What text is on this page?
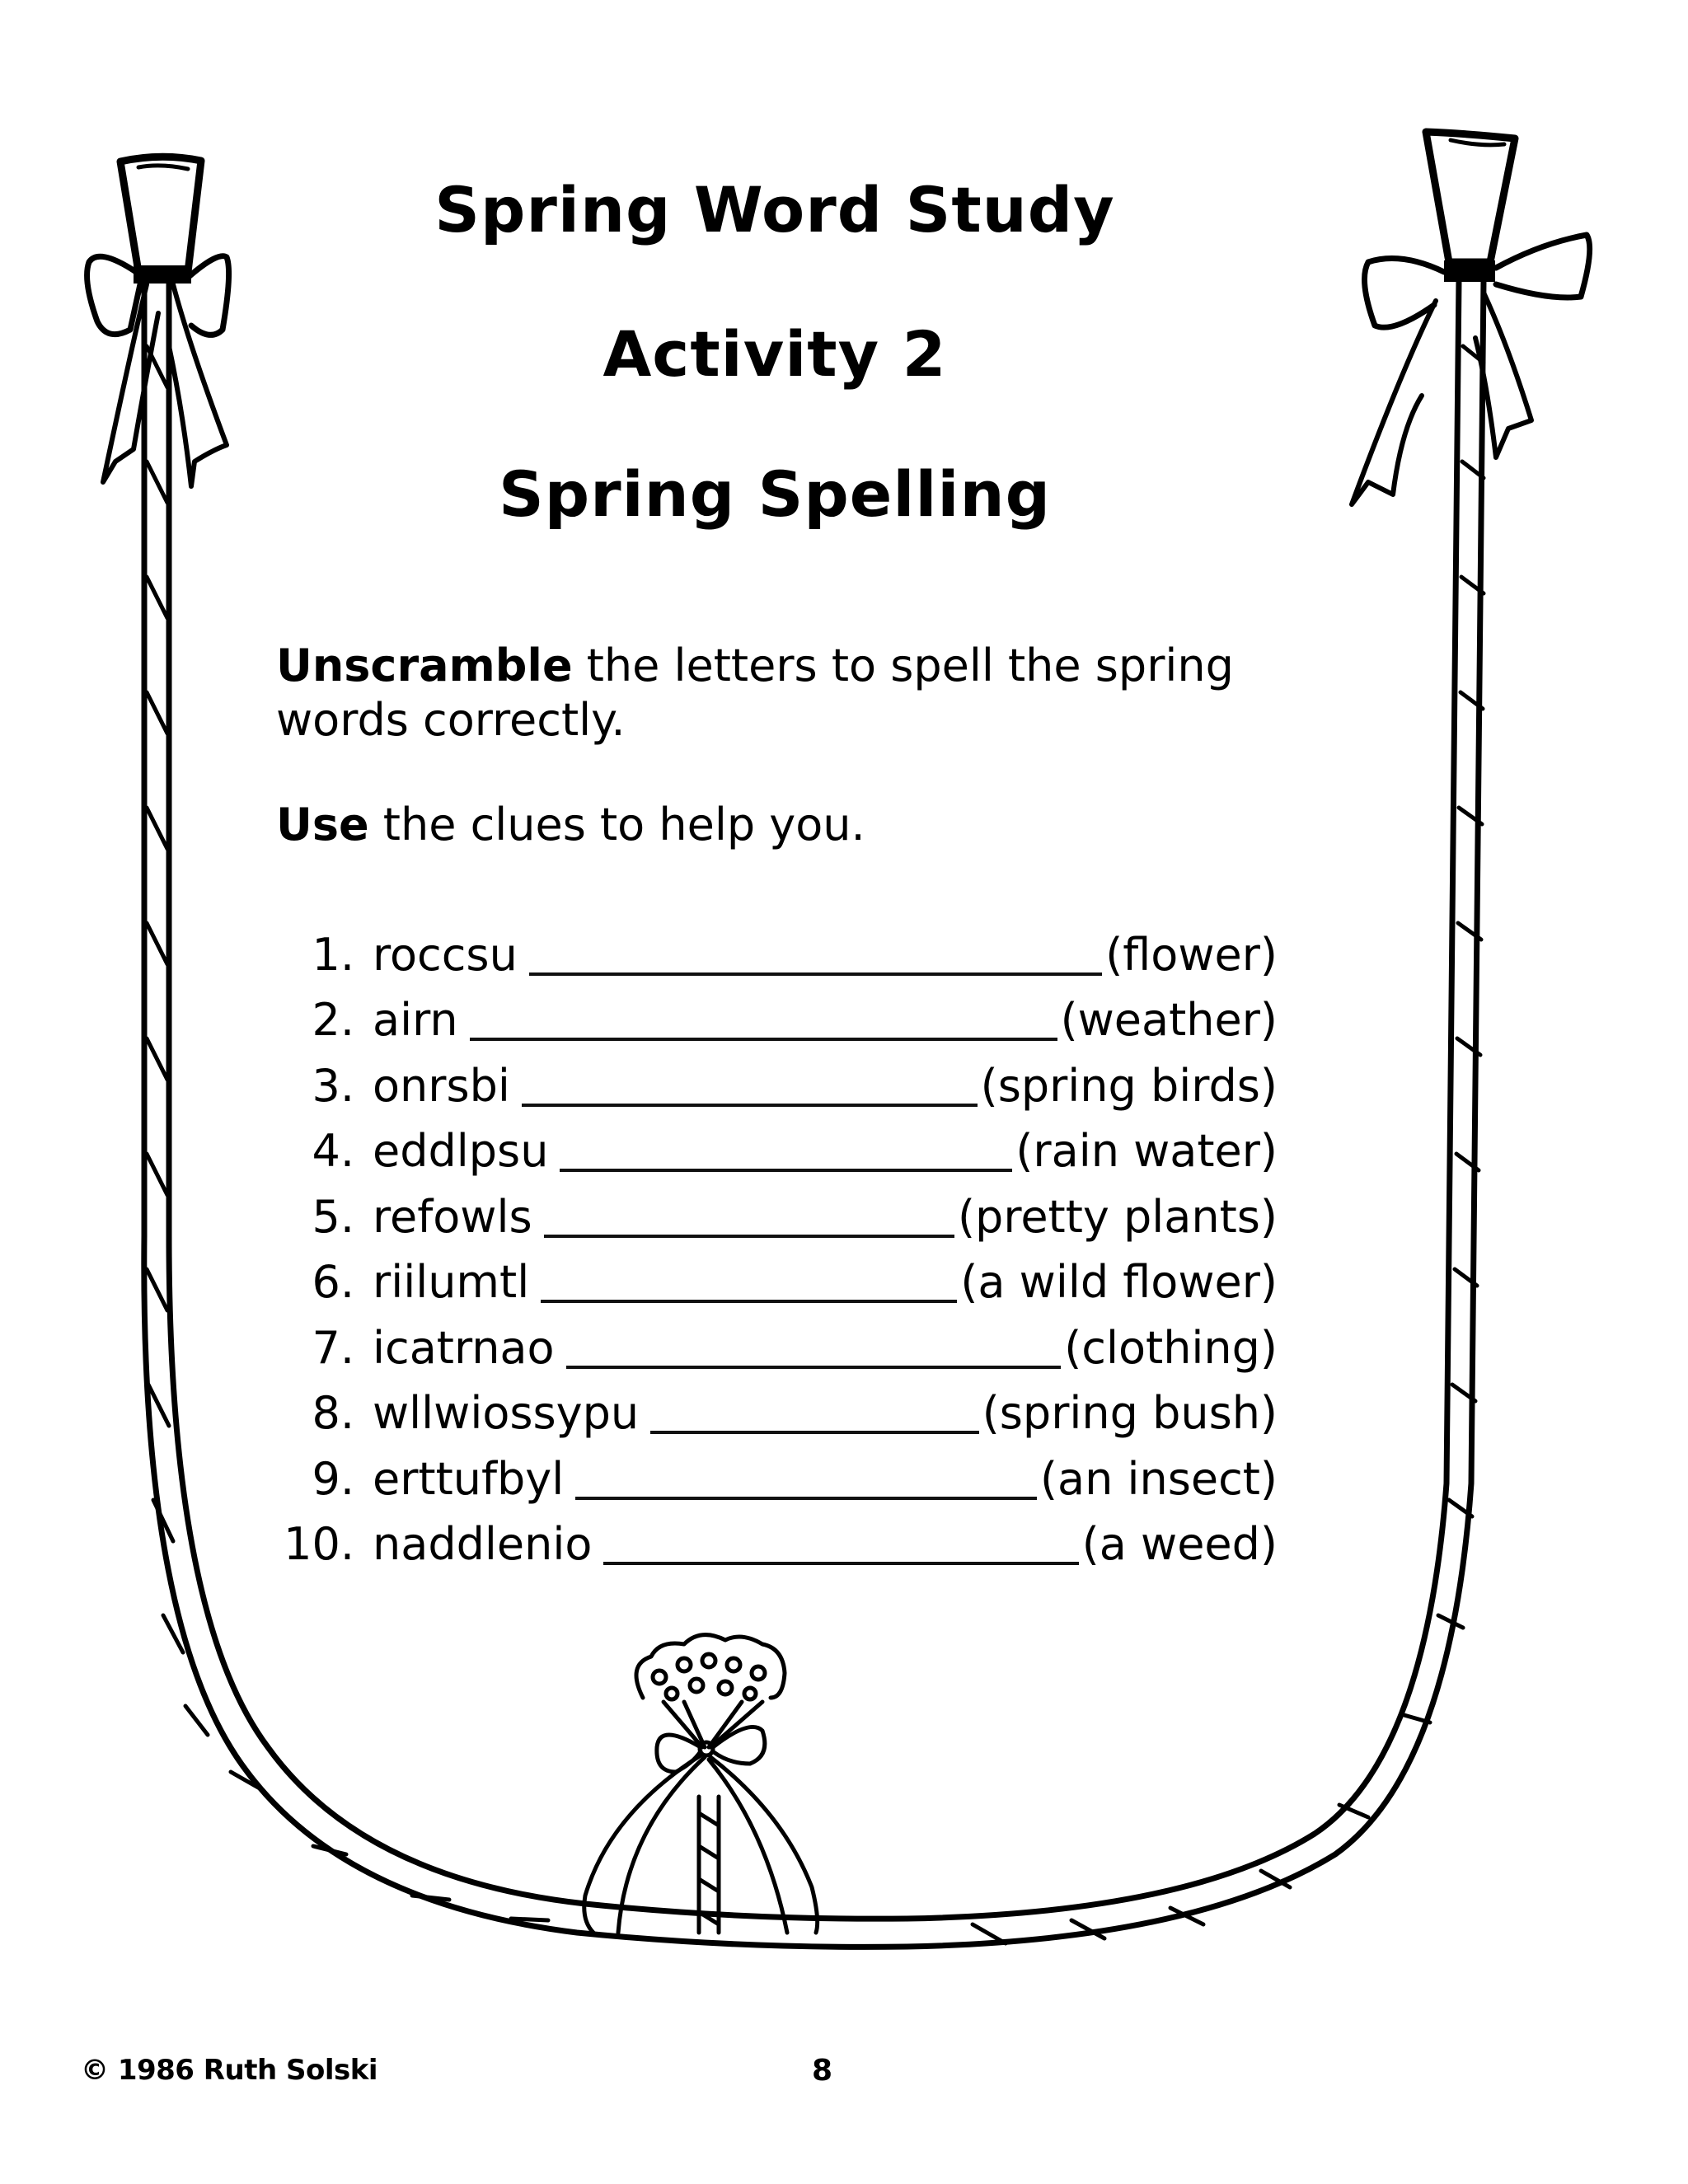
Spring Word Study
Activity 2
Spring Spelling
Unscramble the letters to spell the spring words correctly.
Use the clues to help you.
1. roccsu	(flower)
2. airn	(weather)
3. onrsbi	(spring birds)
4. eddlpsu	(rain water)
5. refowls	(pretty plants)
6. riilumtl	(a wild flower)
7. icatrnao	(clothing)
8. wllwiossypu	(spring bush)
9. erttufbyl	(an insect)
10. naddlenio	(a weed)
© 1986 Ruth Solski	8
